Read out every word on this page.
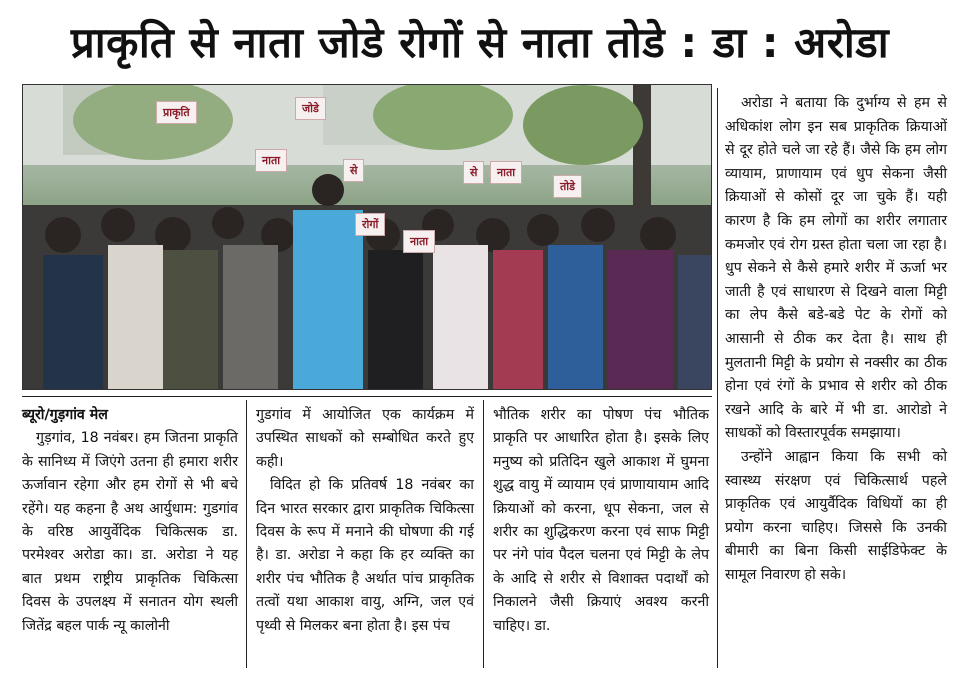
प्राकृति से नाता जोडे रोगों से नाता तोडे : डा : अरोडा
प्राकृति
से	नाता
जोडे
रोगों
से
नाता
तोडे
नाता

ब्यूरो/गुड़गांव मेल

गुड़गांव, 18 नवंबर। हम जितना प्राकृति के सानिध्य में जिएंगे उतना ही हमारा शरीर ऊर्जावान रहेगा और हम रोगों से भी बचे रहेंगे। यह कहना है अथ आर्युधाम: गुडगांव के वरिष्ठ आयुर्वेदिक चिकित्सक डा. परमेश्वर अरोडा का। डा. अरोडा ने यह बात प्रथम राष्ट्रीय प्राकृतिक चिकित्सा दिवस के उपलक्ष्य में सनातन योग स्थली जितेंद्र बहल पार्क न्यू कालोनी

गुडगांव में आयोजित एक कार्यक्रम में उपस्थित साधकों को सम्बोधित करते हुए कही।

विदित हो कि प्रतिवर्ष 18 नवंबर का दिन भारत सरकार द्वारा प्राकृतिक चिकित्सा दिवस के रूप में मनाने की घोषणा की गई है। डा. अरोडा ने कहा कि हर व्यक्ति का शरीर पंच भौतिक है अर्थात पांच प्राकृतिक तत्वों यथा आकाश वायु, अग्नि, जल एवं पृथ्वी से मिलकर बना होता है। इस पंच

भौतिक शरीर का पोषण पंच भौतिक प्राकृति पर आधारित होता है। इसके लिए मनुष्य को प्रतिदिन खुले आकाश में घुमना शुद्ध वायु में व्यायाम एवं प्राणायायाम आदि क्रियाओं को करना, धूप सेकना, जल से शरीर का शुद्धिकरण करना एवं साफ मिट्टी पर नंगे पांव पैदल चलना एवं मिट्टी के लेप के आदि से शरीर से विशाक्त पदार्थों को निकालने जैसी क्रियाएं अवश्य करनी चाहिए। डा.

अरोडा ने बताया कि दुर्भाग्य से हम से अधिकांश लोग इन सब प्राकृतिक क्रियाओं से दूर होते चले जा रहे हैं। जैसे कि हम लोग व्यायाम, प्राणायाम एवं धुप सेकना जैसी क्रियाओं से कोसों दूर जा चुके हैं। यही कारण है कि हम लोगों का शरीर लगातार कमजोर एवं रोग ग्रस्त होता चला जा रहा है। धुप सेकने से कैसे हमारे शरीर में ऊर्जा भर जाती है एवं साधारण से दिखने वाला मिट्टी का लेप कैसे बडे-बडे पेट के रोगों को आसानी से ठीक कर देता है। साथ ही मुलतानी मिट्टी के प्रयोग से नक्सीर का ठीक होना एवं रंगों के प्रभाव से शरीर को ठीक रखने आदि के बारे में भी डा. आरोडो ने साधकों को विस्तारपूर्वक समझाया।

उन्होंने आह्वान किया कि सभी को स्वास्थ्य संरक्षण एवं चिकित्सार्थ पहले प्राकृतिक एवं आयुर्वैदिक विधियों का ही प्रयोग करना चाहिए। जिससे कि उनकी बीमारी का बिना किसी साईडिफेक्ट के सामूल निवारण हो सके।
